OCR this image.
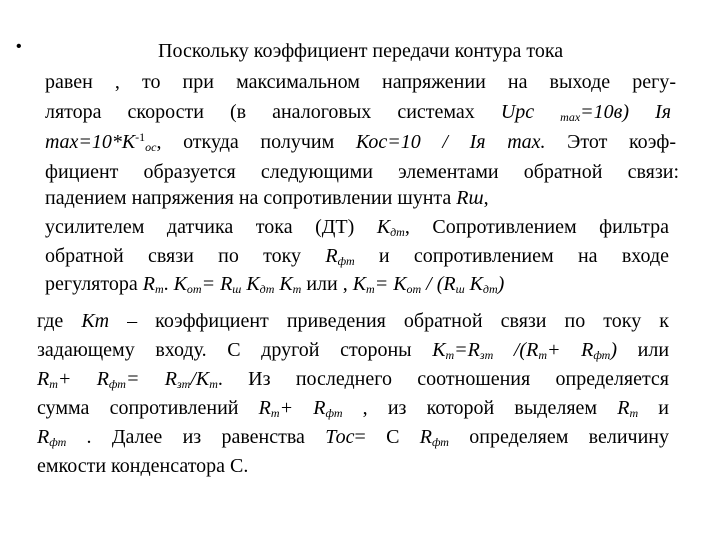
•	Поскольку коэффициент передачи контура тока
равен , то при максимальном напряжении на выходе регу-
лятора скорости (в аналоговых системах Uрс $_{max}$=10в) Iя
$\max=10*К^{-1}_{ос}$, откуда получим Кос=10 / Iя max. Этот коэф-
фициент образуется следующими элементами обратной связи:
падением напряжения на сопротивлении шунта Rш,
усилителем датчика тока (ДТ) $К_{дт}$, Сопротивлением фильтра
обратной связи по току $R_{фт}$ и сопротивлением на входе
регулятора $R_т$. $К_{от}= R_ш$ $К_{дт}$ $К_т$ или , $К_т= К_{от} / (R_ш$ $К_{дт}$)
где Кт – коэффициент приведения обратной связи по току к
задающему входу. С другой стороны $К_т=R_{зт}$ $/(R_т+ R_{фт})$ или
$R_т+ R_{фт}= R_{зт}/К_т$. Из последнего соотношения определяется
сумма сопротивлений $R_т+ R_{фт}$ , из которой выделяем $R_т$ и
$R_{фт}$ . Далее из равенства Тос= С $R_{фт}$ определяем величину
емкости конденсатора С.
